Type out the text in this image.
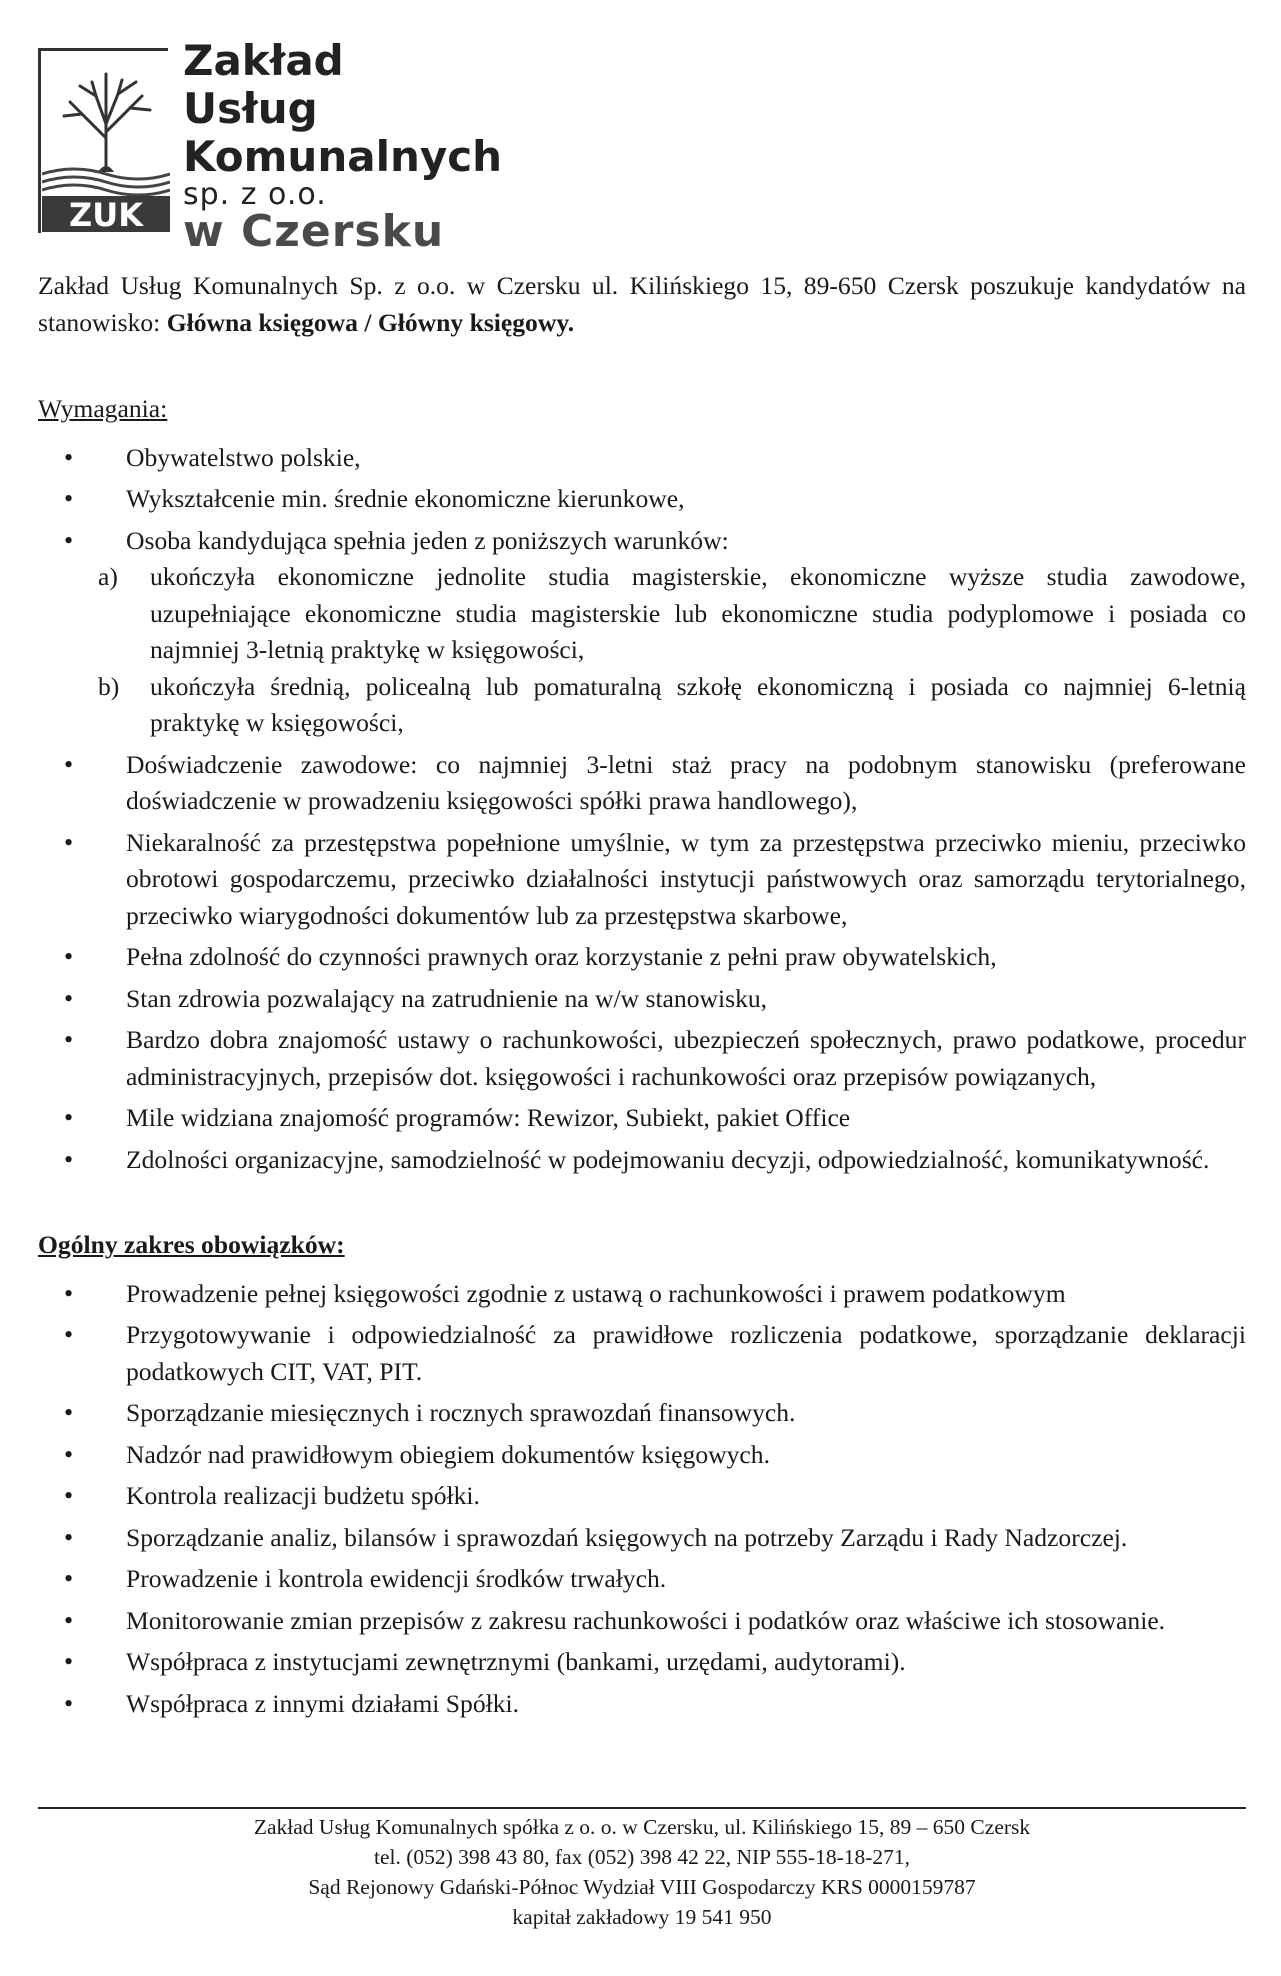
ZUK
Zakład
Usług
Komunalnych
sp. z o.o.
w Czersku

Zakład Usług Komunalnych Sp. z o.o. w Czersku ul. Kilińskiego 15, 89-650 Czersk poszukuje kandydatów na stanowisko: Główna księgowa / Główny księgowy.

Wymagania:
• Obywatelstwo polskie,
• Wykształcenie min. średnie ekonomiczne kierunkowe,
• Osoba kandydująca spełnia jeden z poniższych warunków:
a) ukończyła ekonomiczne jednolite studia magisterskie, ekonomiczne wyższe studia zawodowe, uzupełniające ekonomiczne studia magisterskie lub ekonomiczne studia podyplomowe i posiada co najmniej 3-letnią praktykę w księgowości,
b) ukończyła średnią, policealną lub pomaturalną szkołę ekonomiczną i posiada co najmniej 6-letnią praktykę w księgowości,
• Doświadczenie zawodowe: co najmniej 3-letni staż pracy na podobnym stanowisku (preferowane doświadczenie w prowadzeniu księgowości spółki prawa handlowego),
• Niekaralność za przestępstwa popełnione umyślnie, w tym za przestępstwa przeciwko mieniu, przeciwko obrotowi gospodarczemu, przeciwko działalności instytucji państwowych oraz samorządu terytorialnego, przeciwko wiarygodności dokumentów lub za przestępstwa skarbowe,
• Pełna zdolność do czynności prawnych oraz korzystanie z pełni praw obywatelskich,
• Stan zdrowia pozwalający na zatrudnienie na w/w stanowisku,
• Bardzo dobra znajomość ustawy o rachunkowości, ubezpieczeń społecznych, prawo podatkowe, procedur administracyjnych, przepisów dot. księgowości i rachunkowości oraz przepisów powiązanych,
• Mile widziana znajomość programów: Rewizor, Subiekt, pakiet Office
• Zdolności organizacyjne, samodzielność w podejmowaniu decyzji, odpowiedzialność, komunikatywność.
Ogólny zakres obowiązków:
• Prowadzenie pełnej księgowości zgodnie z ustawą o rachunkowości i prawem podatkowym
• Przygotowywanie i odpowiedzialność za prawidłowe rozliczenia podatkowe, sporządzanie deklaracji podatkowych CIT, VAT, PIT.
• Sporządzanie miesięcznych i rocznych sprawozdań finansowych.
• Nadzór nad prawidłowym obiegiem dokumentów księgowych.
• Kontrola realizacji budżetu spółki.
• Sporządzanie analiz, bilansów i sprawozdań księgowych na potrzeby Zarządu i Rady Nadzorczej.
• Prowadzenie i kontrola ewidencji środków trwałych.
• Monitorowanie zmian przepisów z zakresu rachunkowości i podatków oraz właściwe ich stosowanie.
• Współpraca z instytucjami zewnętrznymi (bankami, urzędami, audytorami).
• Współpraca z innymi działami Spółki.
Zakład Usług Komunalnych spółka z o. o. w Czersku, ul. Kilińskiego 15, 89 – 650 Czersk
tel. (052) 398 43 80, fax (052) 398 42 22, NIP 555-18-18-271,
Sąd Rejonowy Gdański-Północ Wydział VIII Gospodarczy KRS 0000159787
kapitał zakładowy 19 541 950
